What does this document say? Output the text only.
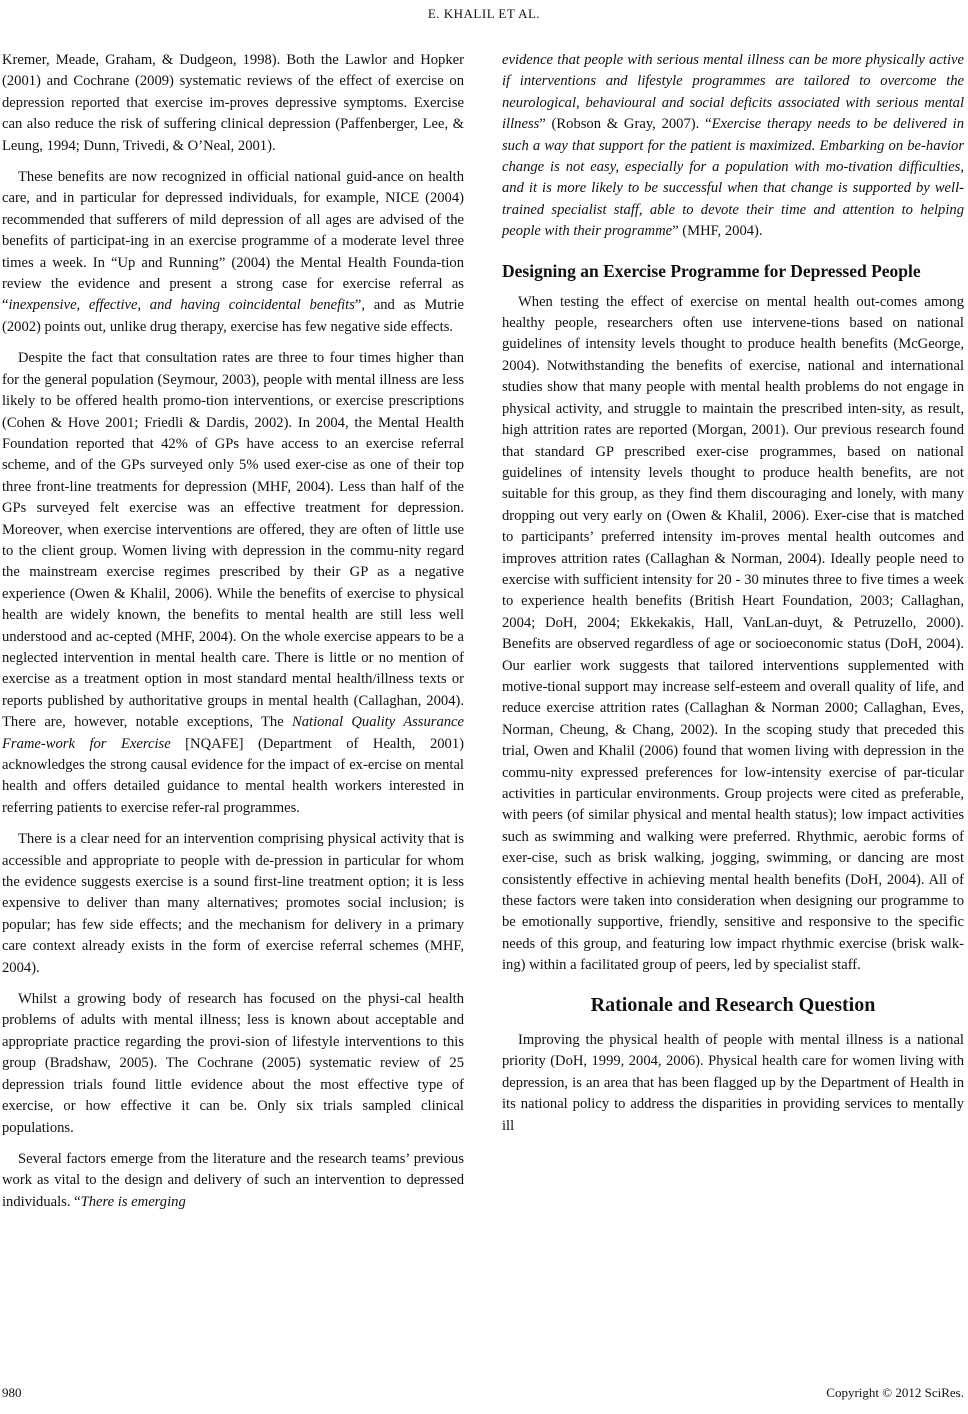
E. KHALIL ET AL.

Kremer, Meade, Graham, & Dudgeon, 1998). Both the Lawlor and Hopker (2001) and Cochrane (2009) systematic reviews of the effect of exercise on depression reported that exercise im-proves depressive symptoms. Exercise can also reduce the risk of suffering clinical depression (Paffenberger, Lee, & Leung, 1994; Dunn, Trivedi, & O’Neal, 2001).

These benefits are now recognized in official national guid-ance on health care, and in particular for depressed individuals, for example, NICE (2004) recommended that sufferers of mild depression of all ages are advised of the benefits of participat-ing in an exercise programme of a moderate level three times a week. In “Up and Running” (2004) the Mental Health Founda-tion review the evidence and present a strong case for exercise referral as “inexpensive, effective, and having coincidental benefits”, and as Mutrie (2002) points out, unlike drug therapy, exercise has few negative side effects.

Despite the fact that consultation rates are three to four times higher than for the general population (Seymour, 2003), people with mental illness are less likely to be offered health promo-tion interventions, or exercise prescriptions (Cohen & Hove 2001; Friedli & Dardis, 2002). In 2004, the Mental Health Foundation reported that 42% of GPs have access to an exercise referral scheme, and of the GPs surveyed only 5% used exer-cise as one of their top three front-line treatments for depression (MHF, 2004). Less than half of the GPs surveyed felt exercise was an effective treatment for depression. Moreover, when exercise interventions are offered, they are often of little use to the client group. Women living with depression in the commu-nity regard the mainstream exercise regimes prescribed by their GP as a negative experience (Owen & Khalil, 2006). While the benefits of exercise to physical health are widely known, the benefits to mental health are still less well understood and ac-cepted (MHF, 2004). On the whole exercise appears to be a neglected intervention in mental health care. There is little or no mention of exercise as a treatment option in most standard mental health/illness texts or reports published by authoritative groups in mental health (Callaghan, 2004). There are, however, notable exceptions, The National Quality Assurance Frame-work for Exercise [NQAFE] (Department of Health, 2001) acknowledges the strong causal evidence for the impact of ex-ercise on mental health and offers detailed guidance to mental health workers interested in referring patients to exercise refer-ral programmes.

There is a clear need for an intervention comprising physical activity that is accessible and appropriate to people with de-pression in particular for whom the evidence suggests exercise is a sound first-line treatment option; it is less expensive to deliver than many alternatives; promotes social inclusion; is popular; has few side effects; and the mechanism for delivery in a primary care context already exists in the form of exercise referral schemes (MHF, 2004).

Whilst a growing body of research has focused on the physi-cal health problems of adults with mental illness; less is known about acceptable and appropriate practice regarding the provi-sion of lifestyle interventions to this group (Bradshaw, 2005). The Cochrane (2005) systematic review of 25 depression trials found little evidence about the most effective type of exercise, or how effective it can be. Only six trials sampled clinical populations.

Several factors emerge from the literature and the research teams’ previous work as vital to the design and delivery of such an intervention to depressed individuals. “There is emerging

evidence that people with serious mental illness can be more physically active if interventions and lifestyle programmes are tailored to overcome the neurological, behavioural and social deficits associated with serious mental illness” (Robson & Gray, 2007). “Exercise therapy needs to be delivered in such a way that support for the patient is maximized. Embarking on be-havior change is not easy, especially for a population with mo-tivation difficulties, and it is more likely to be successful when that change is supported by well-trained specialist staff, able to devote their time and attention to helping people with their programme” (MHF, 2004).

Designing an Exercise Programme for Depressed People

When testing the effect of exercise on mental health out-comes among healthy people, researchers often use intervene-tions based on national guidelines of intensity levels thought to produce health benefits (McGeorge, 2004). Notwithstanding the benefits of exercise, national and international studies show that many people with mental health problems do not engage in physical activity, and struggle to maintain the prescribed inten-sity, as result, high attrition rates are reported (Morgan, 2001). Our previous research found that standard GP prescribed exer-cise programmes, based on national guidelines of intensity levels thought to produce health benefits, are not suitable for this group, as they find them discouraging and lonely, with many dropping out very early on (Owen & Khalil, 2006). Exer-cise that is matched to participants’ preferred intensity im-proves mental health outcomes and improves attrition rates (Callaghan & Norman, 2004). Ideally people need to exercise with sufficient intensity for 20 - 30 minutes three to five times a week to experience health benefits (British Heart Foundation, 2003; Callaghan, 2004; DoH, 2004; Ekkekakis, Hall, VanLan-duyt, & Petruzello, 2000). Benefits are observed regardless of age or socioeconomic status (DoH, 2004). Our earlier work suggests that tailored interventions supplemented with motive-tional support may increase self-esteem and overall quality of life, and reduce exercise attrition rates (Callaghan & Norman 2000; Callaghan, Eves, Norman, Cheung, & Chang, 2002). In the scoping study that preceded this trial, Owen and Khalil (2006) found that women living with depression in the commu-nity expressed preferences for low-intensity exercise of par-ticular activities in particular environments. Group projects were cited as preferable, with peers (of similar physical and mental health status); low impact activities such as swimming and walking were preferred. Rhythmic, aerobic forms of exer-cise, such as brisk walking, jogging, swimming, or dancing are most consistently effective in achieving mental health benefits (DoH, 2004). All of these factors were taken into consideration when designing our programme to be emotionally supportive, friendly, sensitive and responsive to the specific needs of this group, and featuring low impact rhythmic exercise (brisk walk-ing) within a facilitated group of peers, led by specialist staff.

Rationale and Research Question

Improving the physical health of people with mental illness is a national priority (DoH, 1999, 2004, 2006). Physical health care for women living with depression, is an area that has been flagged up by the Department of Health in its national policy to address the disparities in providing services to mentally ill

980	Copyright © 2012 SciRes.
